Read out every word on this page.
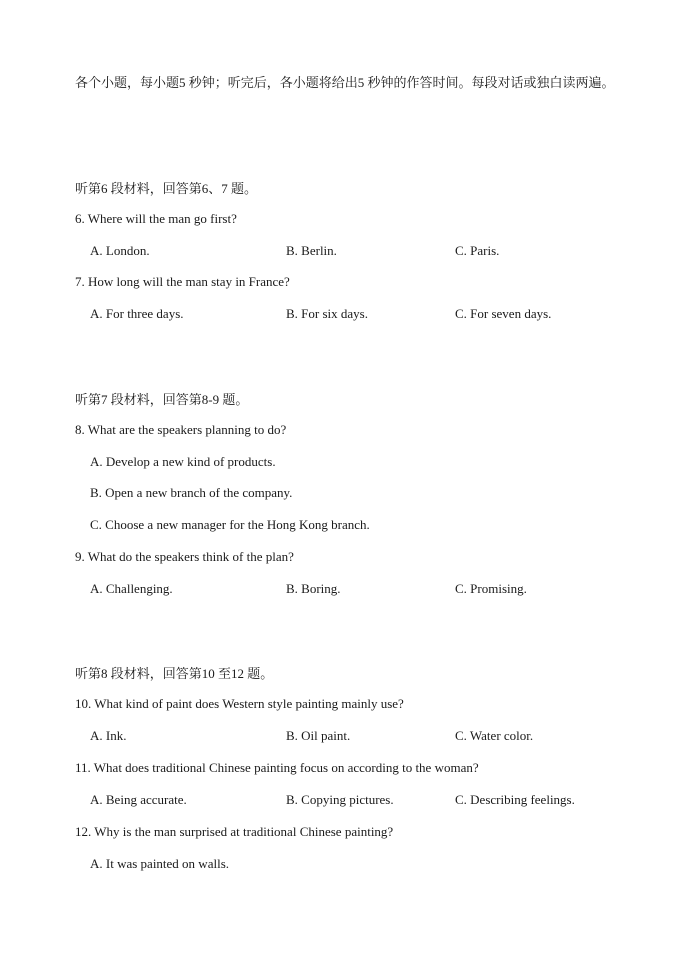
各个小题，每小题5 秒钟；听完后，各小题将给出5 秒钟的作答时间。每段对话或独白读两遍。
听第6 段材料，回答第6、7 题。
6. Where will the man go first?
A. London.	B. Berlin.	C. Paris.
7. How long will the man stay in France?
A. For three days.	B. For six days.	C. For seven days.
听第7 段材料，回答第8-9 题。
8. What are the speakers planning to do?
A. Develop a new kind of products.
B. Open a new branch of the company.
C. Choose a new manager for the Hong Kong branch.
9. What do the speakers think of the plan?
A. Challenging.	B. Boring.	C. Promising.
听第8 段材料，回答第10 至12 题。
10. What kind of paint does Western style painting mainly use?
A. Ink.	B. Oil paint.	C. Water color.
11. What does traditional Chinese painting focus on according to the woman?
A. Being accurate.	B. Copying pictures.	C. Describing feelings.
12. Why is the man surprised at traditional Chinese painting?
A. It was painted on walls.
